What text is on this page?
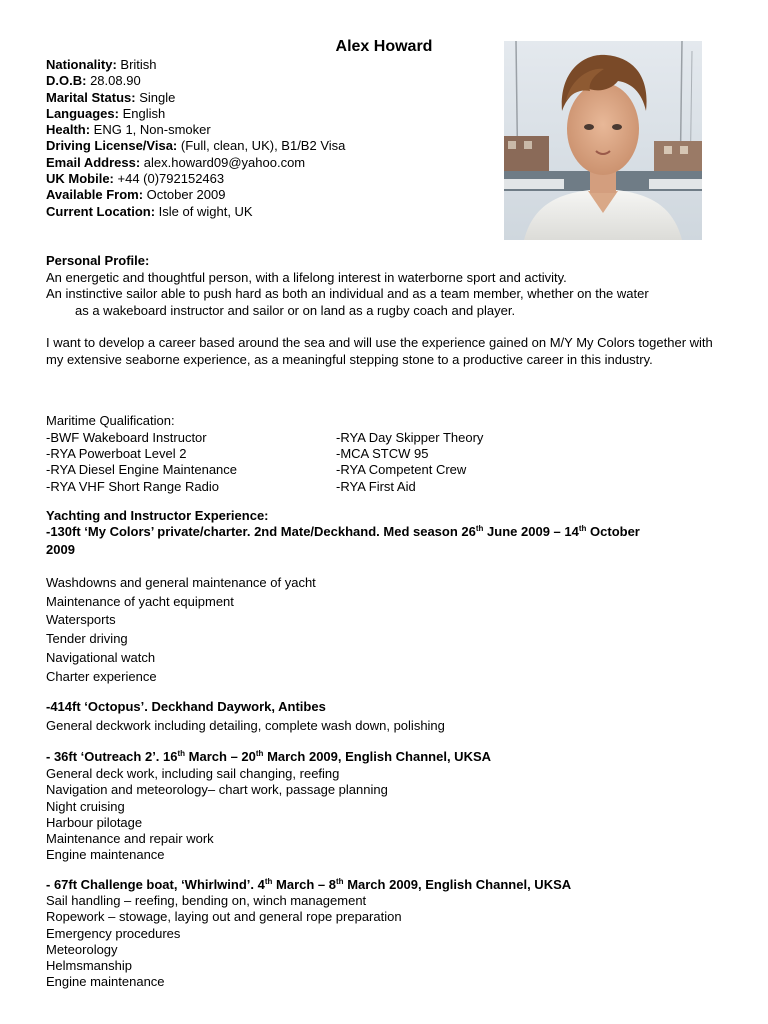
Alex Howard
Nationality: British
D.O.B: 28.08.90
Marital Status: Single
Languages: English
Health: ENG 1, Non-smoker
Driving License/Visa: (Full, clean, UK), B1/B2 Visa
Email Address: alex.howard09@yahoo.com
UK Mobile: +44 (0)792152463
Available From: October 2009
Current Location: Isle of wight, UK
Personal Profile:
An energetic and thoughtful person, with a lifelong interest in waterborne sport and activity.
An instinctive sailor able to push hard as both an individual and as a team member, whether on the water
as a wakeboard instructor and sailor or on land as a rugby coach and player.
I want to develop a career based around the sea and will use the experience gained on M/Y My Colors together with my extensive seaborne experience, as a meaningful stepping stone to a productive career in this industry.
Maritime Qualification:
-BWF Wakeboard Instructor
-RYA Powerboat Level 2
-RYA Diesel Engine Maintenance
-RYA VHF Short Range Radio
-RYA Day Skipper Theory
-MCA STCW 95
-RYA Competent Crew
-RYA First Aid
Yachting and Instructor Experience:
-130ft ‘My Colors’ private/charter. 2nd Mate/Deckhand. Med season 26th June 2009 – 14th October
2009
Washdowns and general maintenance of yacht
Maintenance of yacht equipment
Watersports
Tender driving
Navigational watch
Charter experience
-414ft ‘Octopus’. Deckhand Daywork, Antibes
General deckwork including detailing, complete wash down, polishing
- 36ft ‘Outreach 2’. 16th March – 20th March 2009, English Channel, UKSA
General deck work, including sail changing, reefing
Navigation and meteorology– chart work, passage planning
Night cruising
Harbour pilotage
Maintenance and repair work
Engine maintenance
- 67ft Challenge boat, ‘Whirlwind’. 4th March – 8th March 2009, English Channel, UKSA
Sail handling – reefing, bending on, winch management
Ropework – stowage, laying out and general rope preparation
Emergency procedures
Meteorology
Helmsmanship
Engine maintenance
